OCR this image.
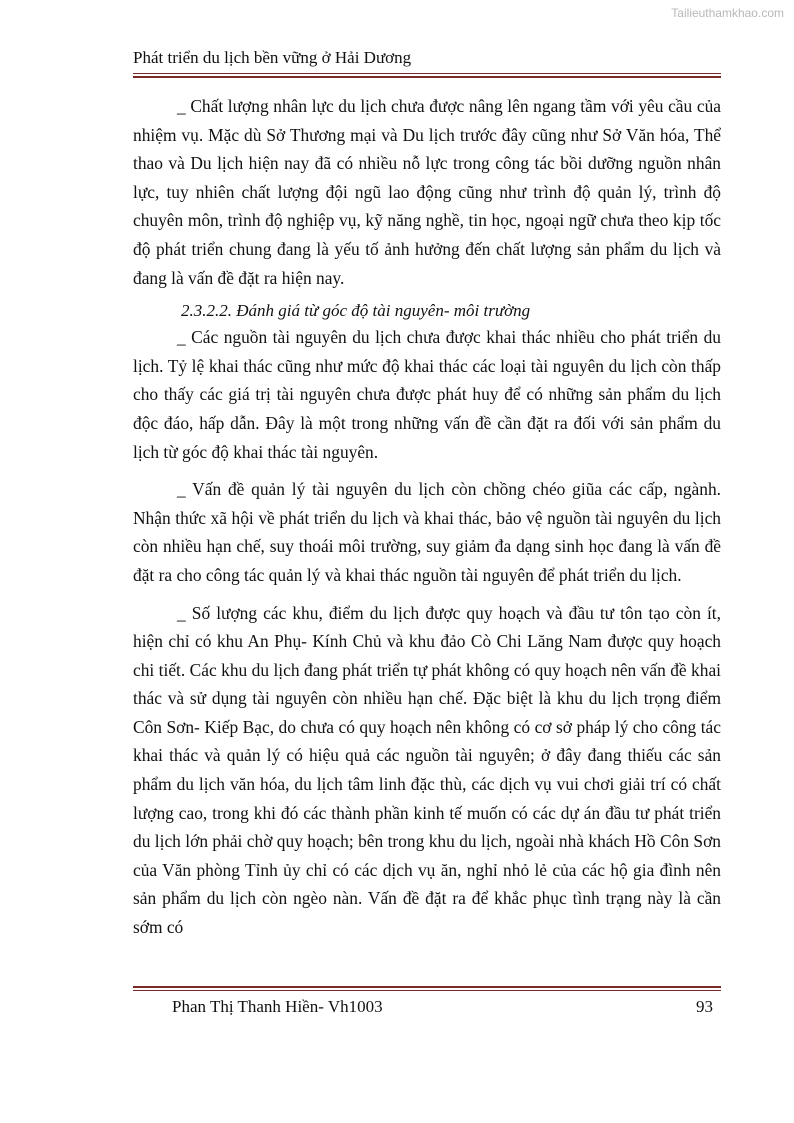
Tailieuthamkhao.com
Phát triển du lịch bền vững ở Hải Dương

_ Chất lượng nhân lực du lịch chưa được nâng lên ngang tầm với yêu cầu của nhiệm vụ. Mặc dù Sở Thương mại và Du lịch trước đây cũng như Sở Văn hóa, Thể thao và Du lịch hiện nay đã có nhiều nỗ lực trong công tác bồi dưỡng nguồn nhân lực, tuy nhiên chất lượng đội ngũ lao động cũng như trình độ quản lý, trình độ chuyên môn, trình độ nghiệp vụ, kỹ năng nghề, tin học, ngoại ngữ chưa theo kịp tốc độ phát triển chung đang là yếu tố ảnh hưởng đến chất lượng sản phẩm du lịch và đang là vấn đề đặt ra hiện nay.

2.3.2.2. Đánh giá từ góc độ tài nguyên- môi trường

_ Các nguồn tài nguyên du lịch chưa được khai thác nhiều cho phát triển du lịch. Tỷ lệ khai thác cũng như mức độ khai thác các loại tài nguyên du lịch còn thấp cho thấy các giá trị tài nguyên chưa được phát huy để có những sản phẩm du lịch độc đáo, hấp dẫn. Đây là một trong những vấn đề cần đặt ra đối với sản phẩm du lịch từ góc độ khai thác tài nguyên.

_ Vấn đề quản lý tài nguyên du lịch còn chồng chéo giũa các cấp, ngành. Nhận thức xã hội về phát triển du lịch và khai thác, bảo vệ nguồn tài nguyên du lịch còn nhiều hạn chế, suy thoái môi trường, suy giảm đa dạng sinh học đang là vấn đề đặt ra cho công tác quản lý và khai thác nguồn tài nguyên để phát triển du lịch.

_ Số lượng các khu, điểm du lịch được quy hoạch và đầu tư tôn tạo còn ít, hiện chỉ có khu An Phụ- Kính Chủ và khu đảo Cò Chi Lăng Nam được quy hoạch chi tiết. Các khu du lịch đang phát triển tự phát không có quy hoạch nên vấn đề khai thác và sử dụng tài nguyên còn nhiều hạn chế. Đặc biệt là khu du lịch trọng điểm Côn Sơn- Kiếp Bạc, do chưa có quy hoạch nên không có cơ sở pháp lý cho công tác khai thác và quản lý có hiệu quả các nguồn tài nguyên; ở đây đang thiếu các sản phẩm du lịch văn hóa, du lịch tâm linh đặc thù, các dịch vụ vui chơi giải trí có chất lượng cao, trong khi đó các thành phần kinh tế muốn có các dự án đầu tư phát triển du lịch lớn phải chờ quy hoạch; bên trong khu du lịch, ngoài nhà khách Hồ Côn Sơn của Văn phòng Tỉnh ủy chỉ có các dịch vụ ăn, nghỉ nhỏ lẻ của các hộ gia đình nên sản phẩm du lịch còn ngèo nàn. Vấn đề đặt ra để khắc phục tình trạng này là cần sớm có

Phan Thị Thanh Hiền- Vh1003	93
